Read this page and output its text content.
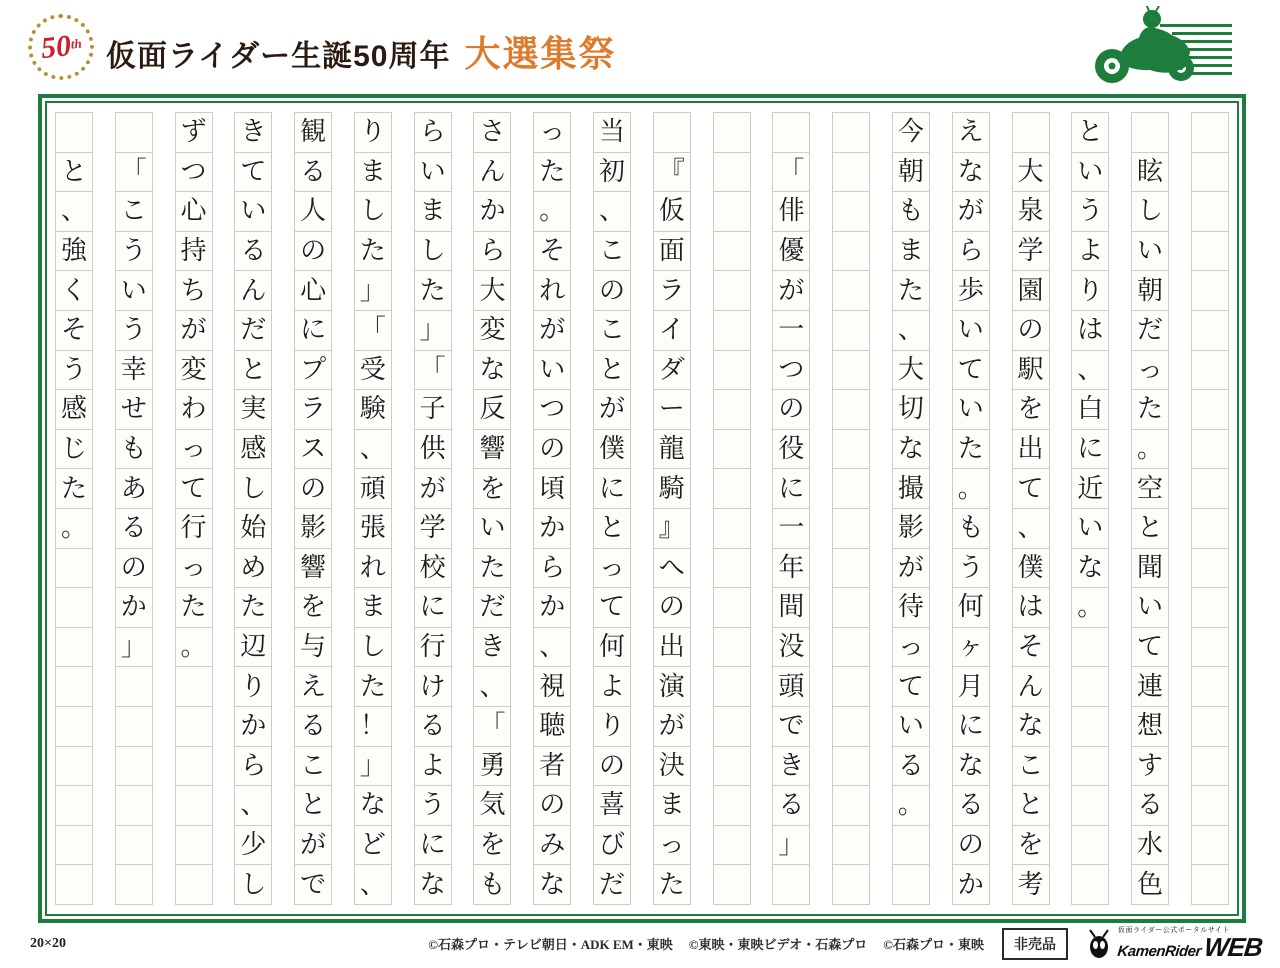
50th 仮面ライダー生誕50周年 大選集祭
眩
し
い
朝
だ
っ
た
。
空
と
聞
い
て
連
想
す
る
水
色
と
い
う
よ
り
は
、
白
に
近
い
な
。
大
泉
学
園
の
駅
を
出
て
、
僕
は
そ
ん
な
こ
と
を
考
え
な
が
ら
歩
い
て
い
た
。
も
う
何
ヶ
月
に
な
る
の
か
今
朝
も
ま
た
、
大
切
な
撮
影
が
待
っ
て
い
る
。
「
俳
優
が
一
つ
の
役
に
一
年
間
没
頭
で
き
る
」
『
仮
面
ラ
イ
ダ
ー
龍
騎
』
へ
の
出
演
が
決
ま
っ
た
当
初
、
こ
の
こ
と
が
僕
に
と
っ
て
何
よ
り
の
喜
び
だ
っ
た
。
そ
れ
が
い
つ
の
頃
か
ら
か
、
視
聴
者
の
み
な
さ
ん
か
ら
大
変
な
反
響
を
い
た
だ
き
、
「
勇
気
を
も
ら
い
ま
し
た
」
「
子
供
が
学
校
に
行
け
る
よ
う
に
な
り
ま
し
た
」
「
受
験
、
頑
張
れ
ま
し
た
！
」
な
ど
、
観
る
人
の
心
に
プ
ラ
ス
の
影
響
を
与
え
る
こ
と
が
で
き
て
い
る
ん
だ
と
実
感
し
始
め
た
辺
り
か
ら
、
少
し
ず
つ
心
持
ち
が
変
わ
っ
て
行
っ
た
。
「
こ
う
い
う
幸
せ
も
あ
る
の
か
」
と
、
強
く
そ
う
感
じ
た
。
20×20	©石森プロ・テレビ朝日・ADK EM・東映 ©東映・東映ビデオ・石森プロ ©石森プロ・東映	非売品
仮面ライダー公式ポータルサイト
KamenRider WEB
